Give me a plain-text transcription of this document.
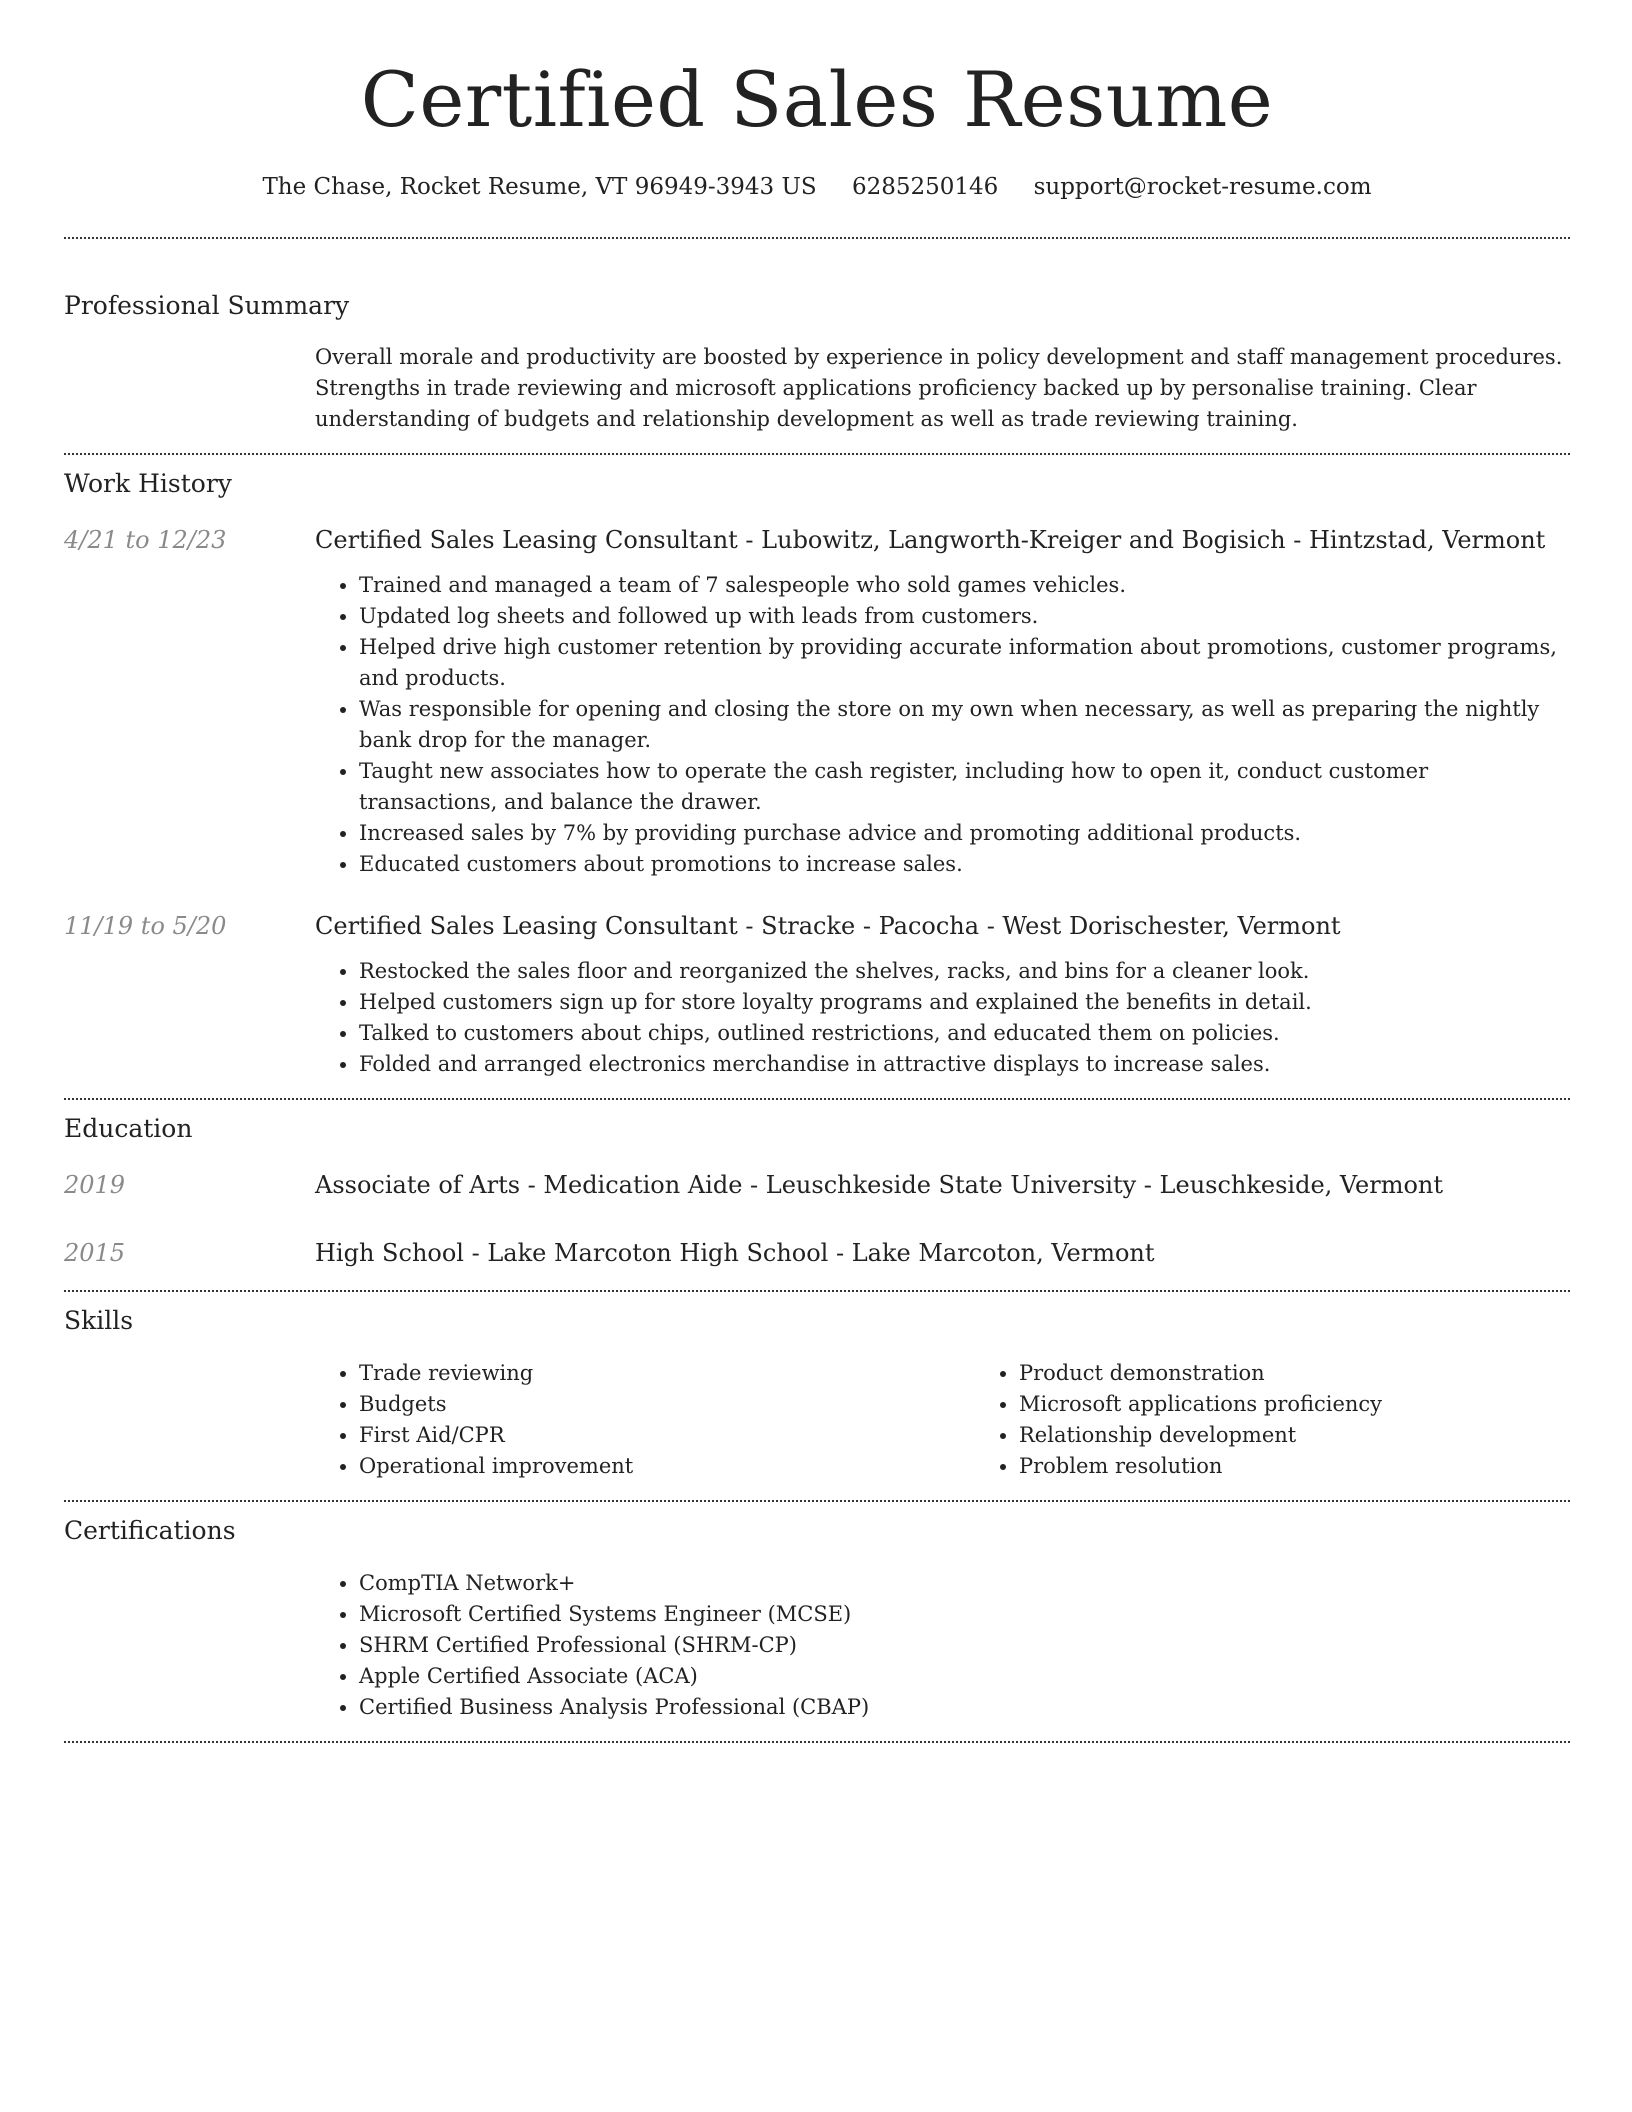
Certified Sales Resume
The Chase, Rocket Resume, VT 96949-3943 US 6285250146 support@rocket-resume.com
Professional Summary
Overall morale and productivity are boosted by experience in policy development and staff management procedures. Strengths in trade reviewing and microsoft applications proficiency backed up by personalise training. Clear understanding of budgets and relationship development as well as trade reviewing training.
Work History
4/21 to 12/23	Certified Sales Leasing Consultant - Lubowitz, Langworth-Kreiger and Bogisich - Hintzstad, Vermont
• Trained and managed a team of 7 salespeople who sold games vehicles.
• Updated log sheets and followed up with leads from customers.
• Helped drive high customer retention by providing accurate information about promotions, customer programs, and products.
• Was responsible for opening and closing the store on my own when necessary, as well as preparing the nightly bank drop for the manager.
• Taught new associates how to operate the cash register, including how to open it, conduct customer transactions, and balance the drawer.
• Increased sales by 7% by providing purchase advice and promoting additional products.
• Educated customers about promotions to increase sales.
11/19 to 5/20	Certified Sales Leasing Consultant - Stracke - Pacocha - West Dorischester, Vermont
• Restocked the sales floor and reorganized the shelves, racks, and bins for a cleaner look.
• Helped customers sign up for store loyalty programs and explained the benefits in detail.
• Talked to customers about chips, outlined restrictions, and educated them on policies.
• Folded and arranged electronics merchandise in attractive displays to increase sales.
Education
2019	Associate of Arts - Medication Aide - Leuschkeside State University - Leuschkeside, Vermont
2015	High School - Lake Marcoton High School - Lake Marcoton, Vermont
Skills
• Trade reviewing
• Budgets
• First Aid/CPR
• Operational improvement
• Product demonstration
• Microsoft applications proficiency
• Relationship development
• Problem resolution
Certifications
• CompTIA Network+
• Microsoft Certified Systems Engineer (MCSE)
• SHRM Certified Professional (SHRM-CP)
• Apple Certified Associate (ACA)
• Certified Business Analysis Professional (CBAP)
